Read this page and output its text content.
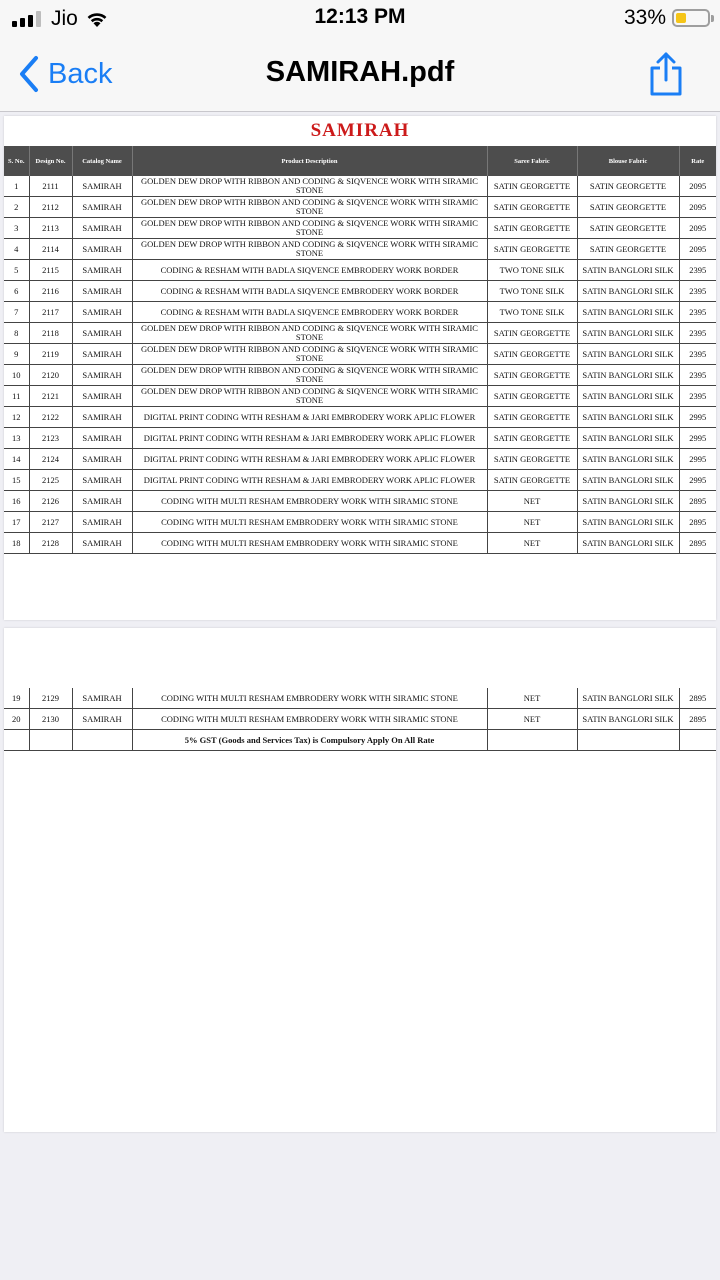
Jio	12:13 PM	33%
Back	SAMIRAH.pdf
SAMIRAH
S. No.	Design No.	Catalog Name	Product Description	Saree Fabric	Blouse Fabric	Rate
1	2111	SAMIRAH	GOLDEN DEW DROP WITH RIBBON AND CODING & SIQVENCE WORK WITH SIRAMIC STONE	SATIN GEORGETTE	SATIN GEORGETTE	2095
2	2112	SAMIRAH	GOLDEN DEW DROP WITH RIBBON AND CODING & SIQVENCE WORK WITH SIRAMIC STONE	SATIN GEORGETTE	SATIN GEORGETTE	2095
3	2113	SAMIRAH	GOLDEN DEW DROP WITH RIBBON AND CODING & SIQVENCE WORK WITH SIRAMIC STONE	SATIN GEORGETTE	SATIN GEORGETTE	2095
4	2114	SAMIRAH	GOLDEN DEW DROP WITH RIBBON AND CODING & SIQVENCE WORK WITH SIRAMIC STONE	SATIN GEORGETTE	SATIN GEORGETTE	2095
5	2115	SAMIRAH	CODING & RESHAM WITH BADLA SIQVENCE EMBRODERY WORK BORDER	TWO TONE SILK	SATIN BANGLORI SILK	2395
6	2116	SAMIRAH	CODING & RESHAM WITH BADLA SIQVENCE EMBRODERY WORK BORDER	TWO TONE SILK	SATIN BANGLORI SILK	2395
7	2117	SAMIRAH	CODING & RESHAM WITH BADLA SIQVENCE EMBRODERY WORK BORDER	TWO TONE SILK	SATIN BANGLORI SILK	2395
8	2118	SAMIRAH	GOLDEN DEW DROP WITH RIBBON AND CODING & SIQVENCE WORK WITH SIRAMIC STONE	SATIN GEORGETTE	SATIN BANGLORI SILK	2395
9	2119	SAMIRAH	GOLDEN DEW DROP WITH RIBBON AND CODING & SIQVENCE WORK WITH SIRAMIC STONE	SATIN GEORGETTE	SATIN BANGLORI SILK	2395
10	2120	SAMIRAH	GOLDEN DEW DROP WITH RIBBON AND CODING & SIQVENCE WORK WITH SIRAMIC STONE	SATIN GEORGETTE	SATIN BANGLORI SILK	2395
11	2121	SAMIRAH	GOLDEN DEW DROP WITH RIBBON AND CODING & SIQVENCE WORK WITH SIRAMIC STONE	SATIN GEORGETTE	SATIN BANGLORI SILK	2395
12	2122	SAMIRAH	DIGITAL PRINT CODING WITH RESHAM & JARI EMBRODERY WORK APLIC FLOWER	SATIN GEORGETTE	SATIN BANGLORI SILK	2995
13	2123	SAMIRAH	DIGITAL PRINT CODING WITH RESHAM & JARI EMBRODERY WORK APLIC FLOWER	SATIN GEORGETTE	SATIN BANGLORI SILK	2995
14	2124	SAMIRAH	DIGITAL PRINT CODING WITH RESHAM & JARI EMBRODERY WORK APLIC FLOWER	SATIN GEORGETTE	SATIN BANGLORI SILK	2995
15	2125	SAMIRAH	DIGITAL PRINT CODING WITH RESHAM & JARI EMBRODERY WORK APLIC FLOWER	SATIN GEORGETTE	SATIN BANGLORI SILK	2995
16	2126	SAMIRAH	CODING WITH MULTI RESHAM EMBRODERY WORK WITH SIRAMIC STONE	NET	SATIN BANGLORI SILK	2895
17	2127	SAMIRAH	CODING WITH MULTI RESHAM EMBRODERY WORK WITH SIRAMIC STONE	NET	SATIN BANGLORI SILK	2895
18	2128	SAMIRAH	CODING WITH MULTI RESHAM EMBRODERY WORK WITH SIRAMIC STONE	NET	SATIN BANGLORI SILK	2895
19	2129	SAMIRAH	CODING WITH MULTI RESHAM EMBRODERY WORK WITH SIRAMIC STONE	NET	SATIN BANGLORI SILK	2895
20	2130	SAMIRAH	CODING WITH MULTI RESHAM EMBRODERY WORK WITH SIRAMIC STONE	NET	SATIN BANGLORI SILK	2895
			5% GST (Goods and Services Tax) is Compulsory Apply On All Rate			
